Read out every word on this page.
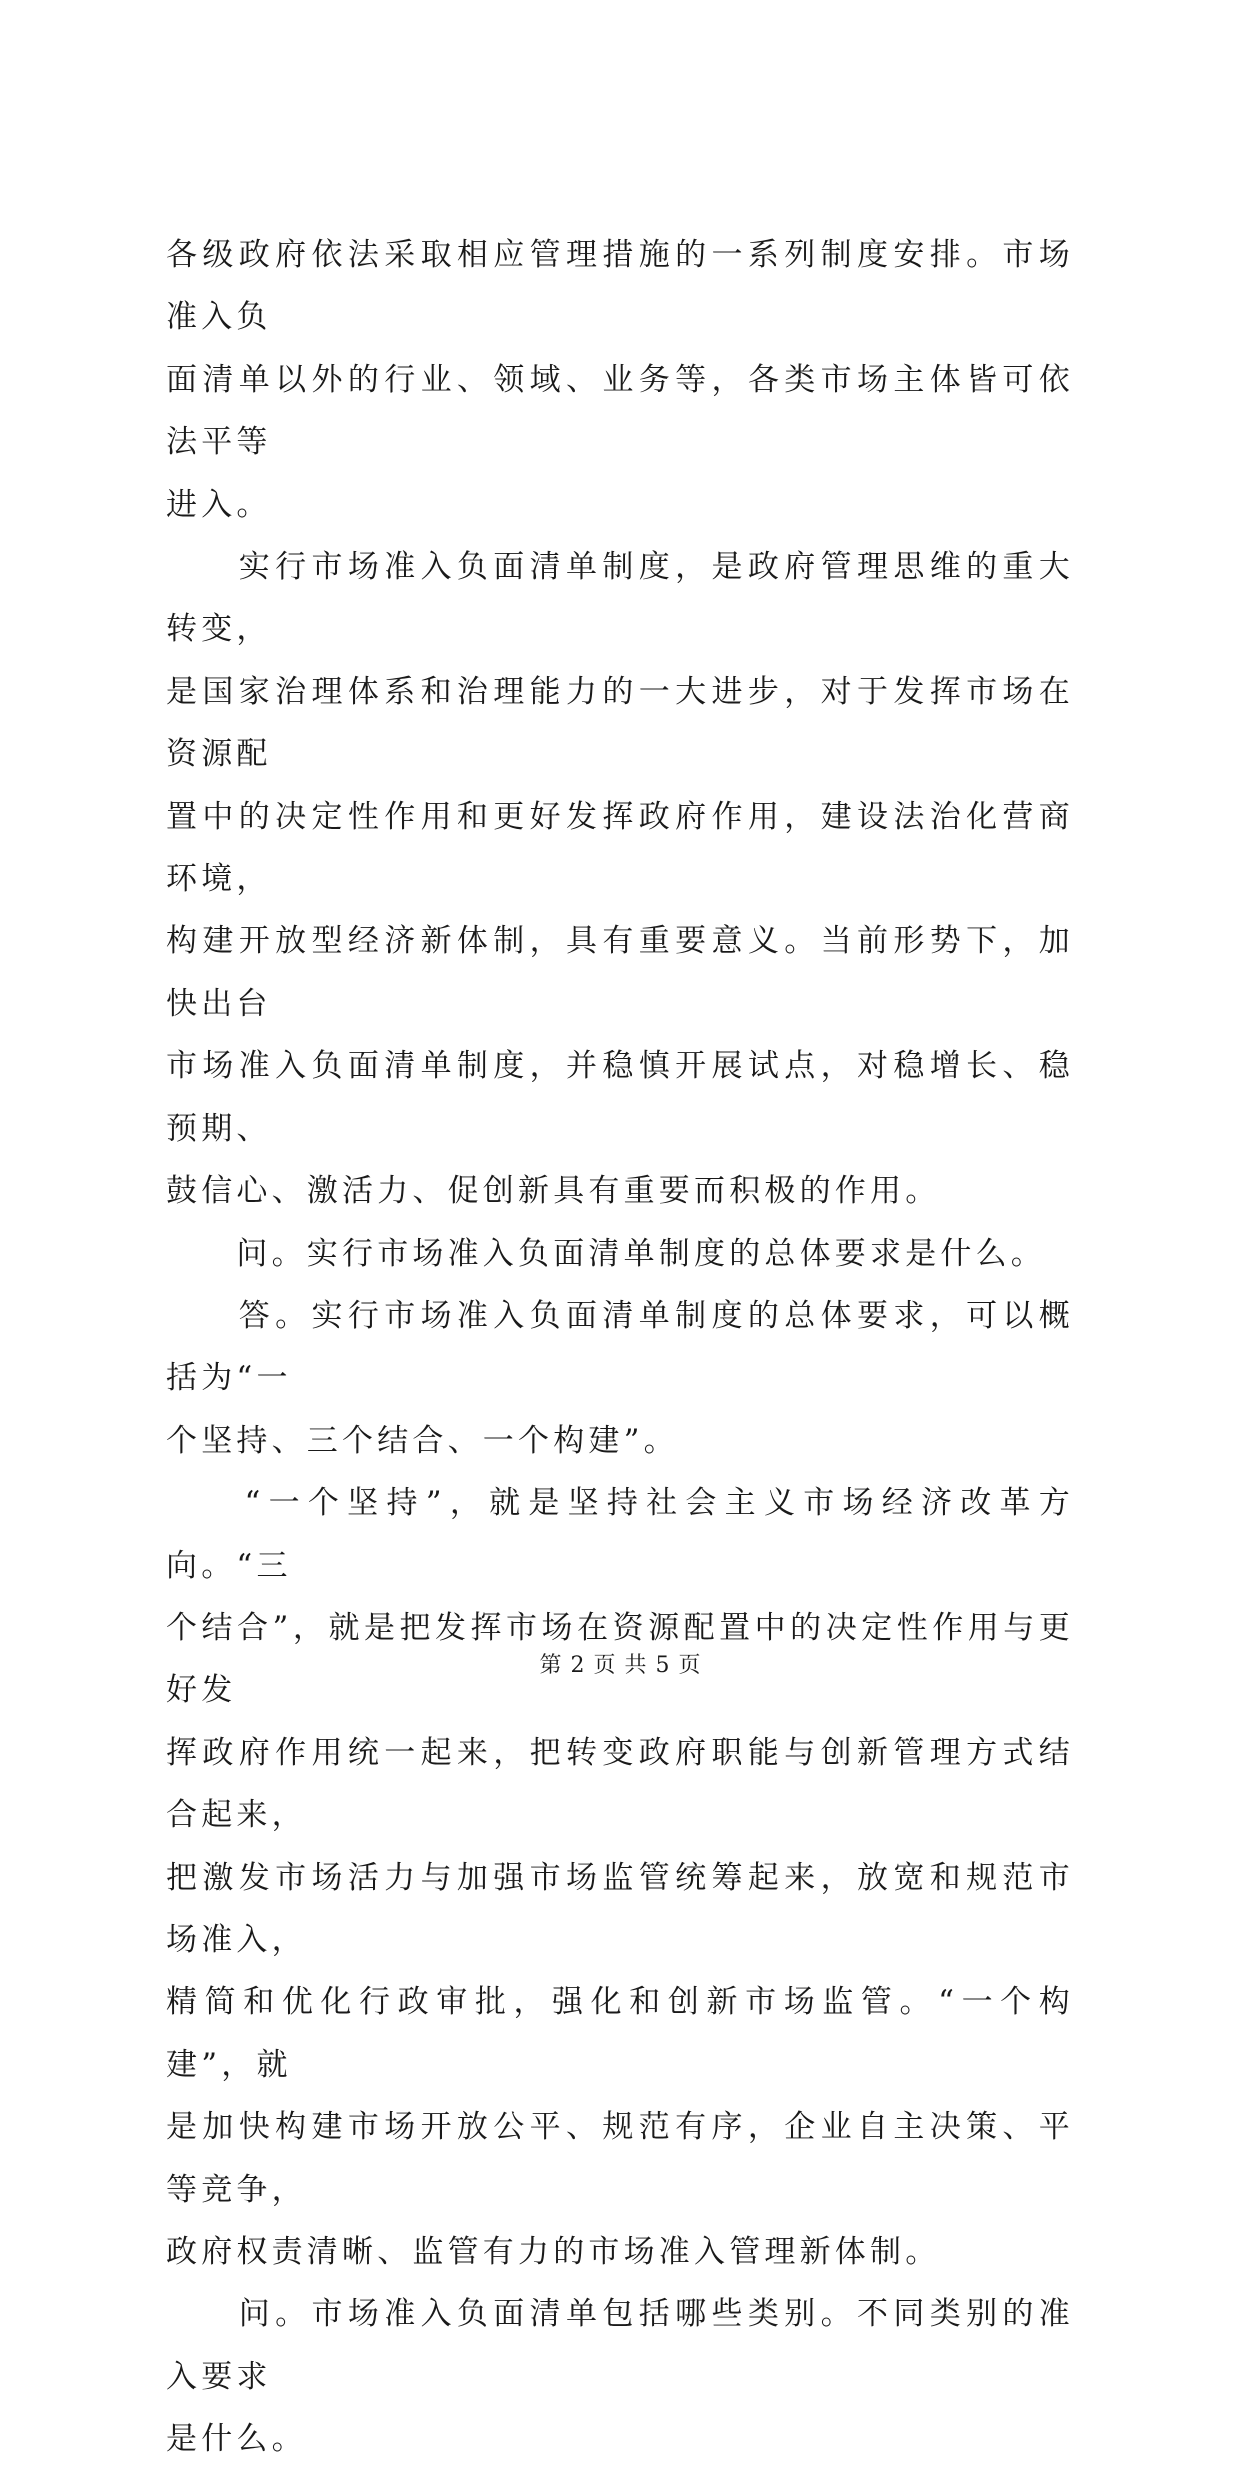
各级政府依法采取相应管理措施的一系列制度安排。市场准入负
面清单以外的行业、领域、业务等，各类市场主体皆可依法平等
进入。

　　实行市场准入负面清单制度，是政府管理思维的重大转变，
是国家治理体系和治理能力的一大进步，对于发挥市场在资源配
置中的决定性作用和更好发挥政府作用，建设法治化营商环境，
构建开放型经济新体制，具有重要意义。当前形势下，加快出台
市场准入负面清单制度，并稳慎开展试点，对稳增长、稳预期、
鼓信心、激活力、促创新具有重要而积极的作用。

　　问。实行市场准入负面清单制度的总体要求是什么。

　　答。实行市场准入负面清单制度的总体要求，可以概括为“一
个坚持、三个结合、一个构建”。

　　“一个坚持”，就是坚持社会主义市场经济改革方向。“三
个结合”，就是把发挥市场在资源配置中的决定性作用与更好发
挥政府作用统一起来，把转变政府职能与创新管理方式结合起来，
把激发市场活力与加强市场监管统筹起来，放宽和规范市场准入，
精简和优化行政审批，强化和创新市场监管。“一个构建”，就
是加快构建市场开放公平、规范有序，企业自主决策、平等竞争，
政府权责清晰、监管有力的市场准入管理新体制。

　　问。市场准入负面清单包括哪些类别。不同类别的准入要求
是什么。

第 2 页 共 5 页
